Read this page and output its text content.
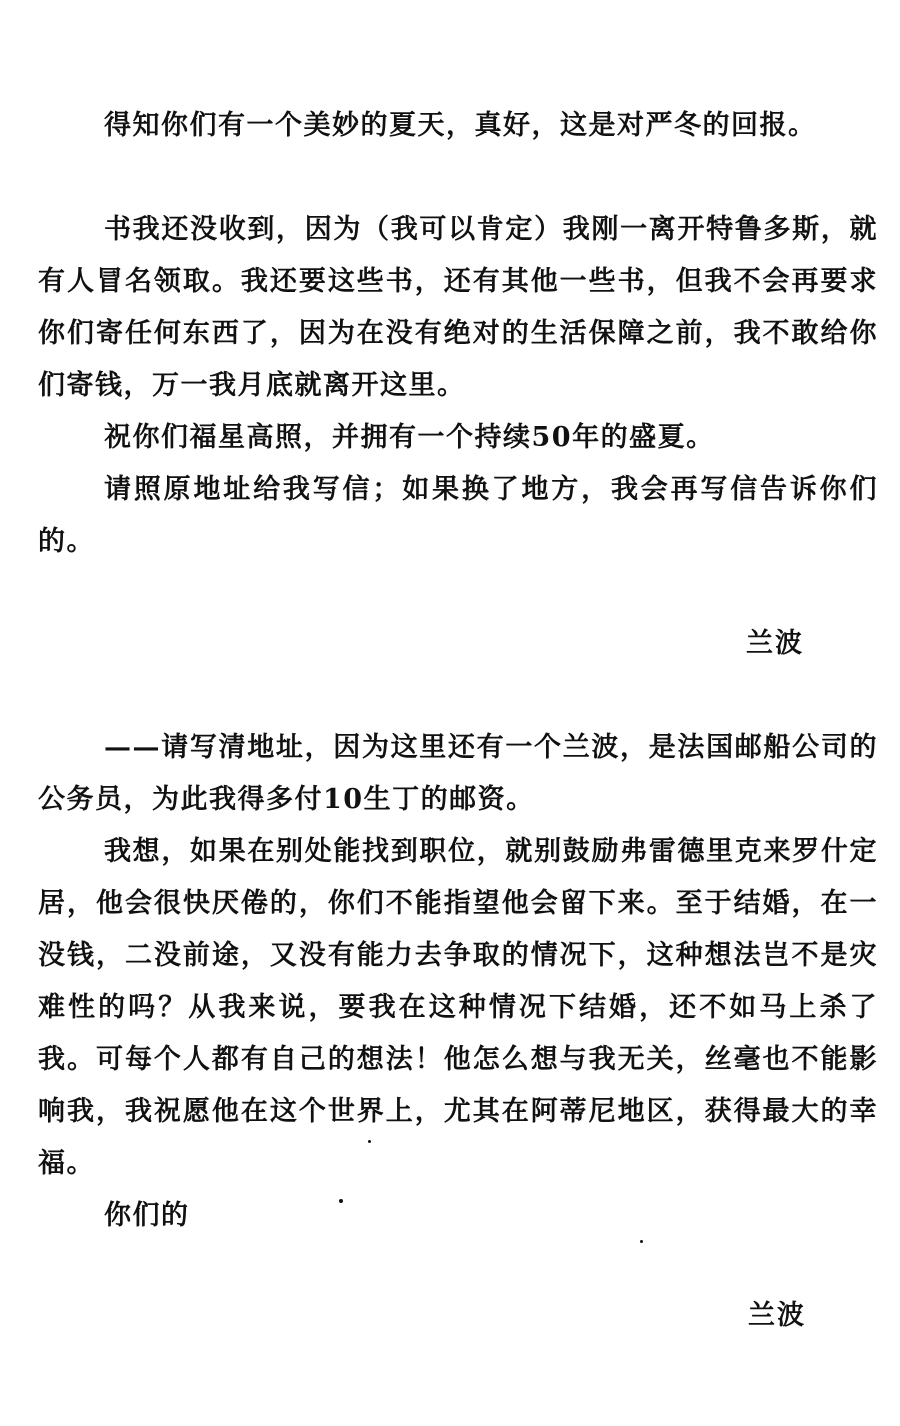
得知你们有一个美妙的夏天，真好，这是对严冬的回报。

书我还没收到，因为（我可以肯定）我刚一离开特鲁多斯，就有人冒名领取。我还要这些书，还有其他一些书，但我不会再要求你们寄任何东西了，因为在没有绝对的生活保障之前，我不敢给你们寄钱，万一我月底就离开这里。

祝你们福星高照，并拥有一个持续50年的盛夏。

请照原地址给我写信；如果换了地方，我会再写信告诉你们的。

兰波

——请写清地址，因为这里还有一个兰波，是法国邮船公司的公务员，为此我得多付10生丁的邮资。

我想，如果在别处能找到职位，就别鼓励弗雷德里克来罗什定居，他会很快厌倦的，你们不能指望他会留下来。至于结婚，在一没钱，二没前途，又没有能力去争取的情况下，这种想法岂不是灾难性的吗？从我来说，要我在这种情况下结婚，还不如马上杀了我。可每个人都有自己的想法！他怎么想与我无关，丝毫也不能影响我，我祝愿他在这个世界上，尤其在阿蒂尼地区，获得最大的幸福。

你们的
兰波
